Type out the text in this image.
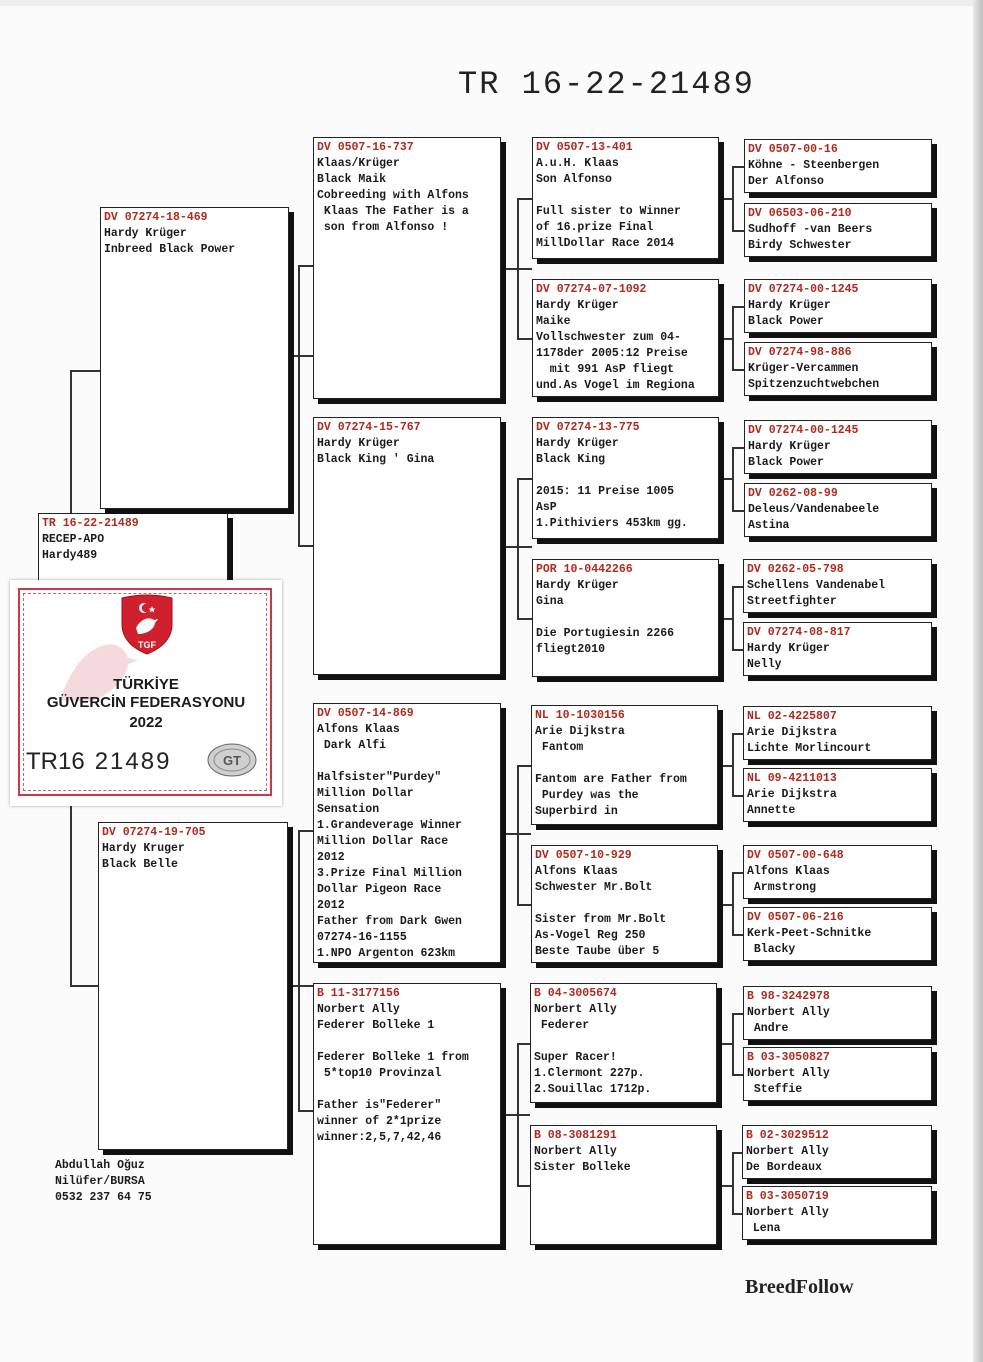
TR 16-22-21489
TR 16-22-21489
RECEP-APO
Hardy489
DV 07274-18-469
Hardy Krüger
Inbreed Black Power
DV 07274-19-705
Hardy Kruger
Black Belle
DV 0507-16-737
Klaas/Krüger
Black Maik
Cobreeding with Alfons
Klaas The Father is a
son from Alfonso !
DV 07274-15-767
Hardy Krüger
Black King ' Gina
DV 0507-14-869
Alfons Klaas
Dark Alfi
Halfsister"Purdey"
Million Dollar
Sensation
1.Grandeverage Winner
Million Dollar Race
2012
3.Prize Final Million
Dollar Pigeon Race
2012
Father from Dark Gwen
07274-16-1155
1.NPO Argenton 623km
B 11-3177156
Norbert Ally
Federer Bolleke 1
Federer Bolleke 1 from
5*top10 Provinzal
Father is"Federer"
winner of 2*1prize
winner:2,5,7,42,46
DV 0507-13-401
A.u.H. Klaas
Son Alfonso
Full sister to Winner
of 16.prize Final
MillDollar Race 2014
DV 07274-07-1092
Hardy Krüger
Maike
Vollschwester zum 04-
1178der 2005:12 Preise
mit 991 AsP fliegt
und.As Vogel im Regiona
DV 07274-13-775
Hardy Krüger
Black King
2015: 11 Preise 1005
AsP
1.Pithiviers 453km gg.
POR 10-0442266
Hardy Krüger
Gina
Die Portugiesin 2266
fliegt2010
NL 10-1030156
Arie Dijkstra
Fantom
Fantom are Father from
Purdey was the
Superbird in
DV 0507-10-929
Alfons Klaas
Schwester Mr.Bolt
Sister from Mr.Bolt
As-Vogel Reg 250
Beste Taube über 5
B 04-3005674
Norbert Ally
Federer
Super Racer!
1.Clermont 227p.
2.Souillac 1712p.
B 08-3081291
Norbert Ally
Sister Bolleke
DV 0507-00-16
Köhne - Steenbergen
Der Alfonso
DV 06503-06-210
Sudhoff -van Beers
Birdy Schwester
DV 07274-00-1245
Hardy Krüger
Black Power
DV 07274-98-886
Krüger-Vercammen
Spitzenzuchtwebchen
DV 07274-00-1245
Hardy Krüger
Black Power
DV 0262-08-99
Deleus/Vandenabeele
Astina
DV 0262-05-798
Schellens Vandenabel
Streetfighter
DV 07274-08-817
Hardy Krüger
Nelly
NL 02-4225807
Arie Dijkstra
Lichte Morlincourt
NL 09-4211013
Arie Dijkstra
Annette
DV 0507-00-648
Alfons Klaas
Armstrong
DV 0507-06-216
Kerk-Peet-Schnitke
Blacky
B 98-3242978
Norbert Ally
Andre
B 03-3050827
Norbert Ally
Steffie
B 02-3029512
Norbert Ally
De Bordeaux
B 03-3050719
Norbert Ally
Lena
TGF
TÜRKİYE
GÜVERCİN FEDERASYONU
2022
TR16 21489	GT
Abdullah Oğuz
Nilüfer/BURSA
0532 237 64 75
BreedFollow
